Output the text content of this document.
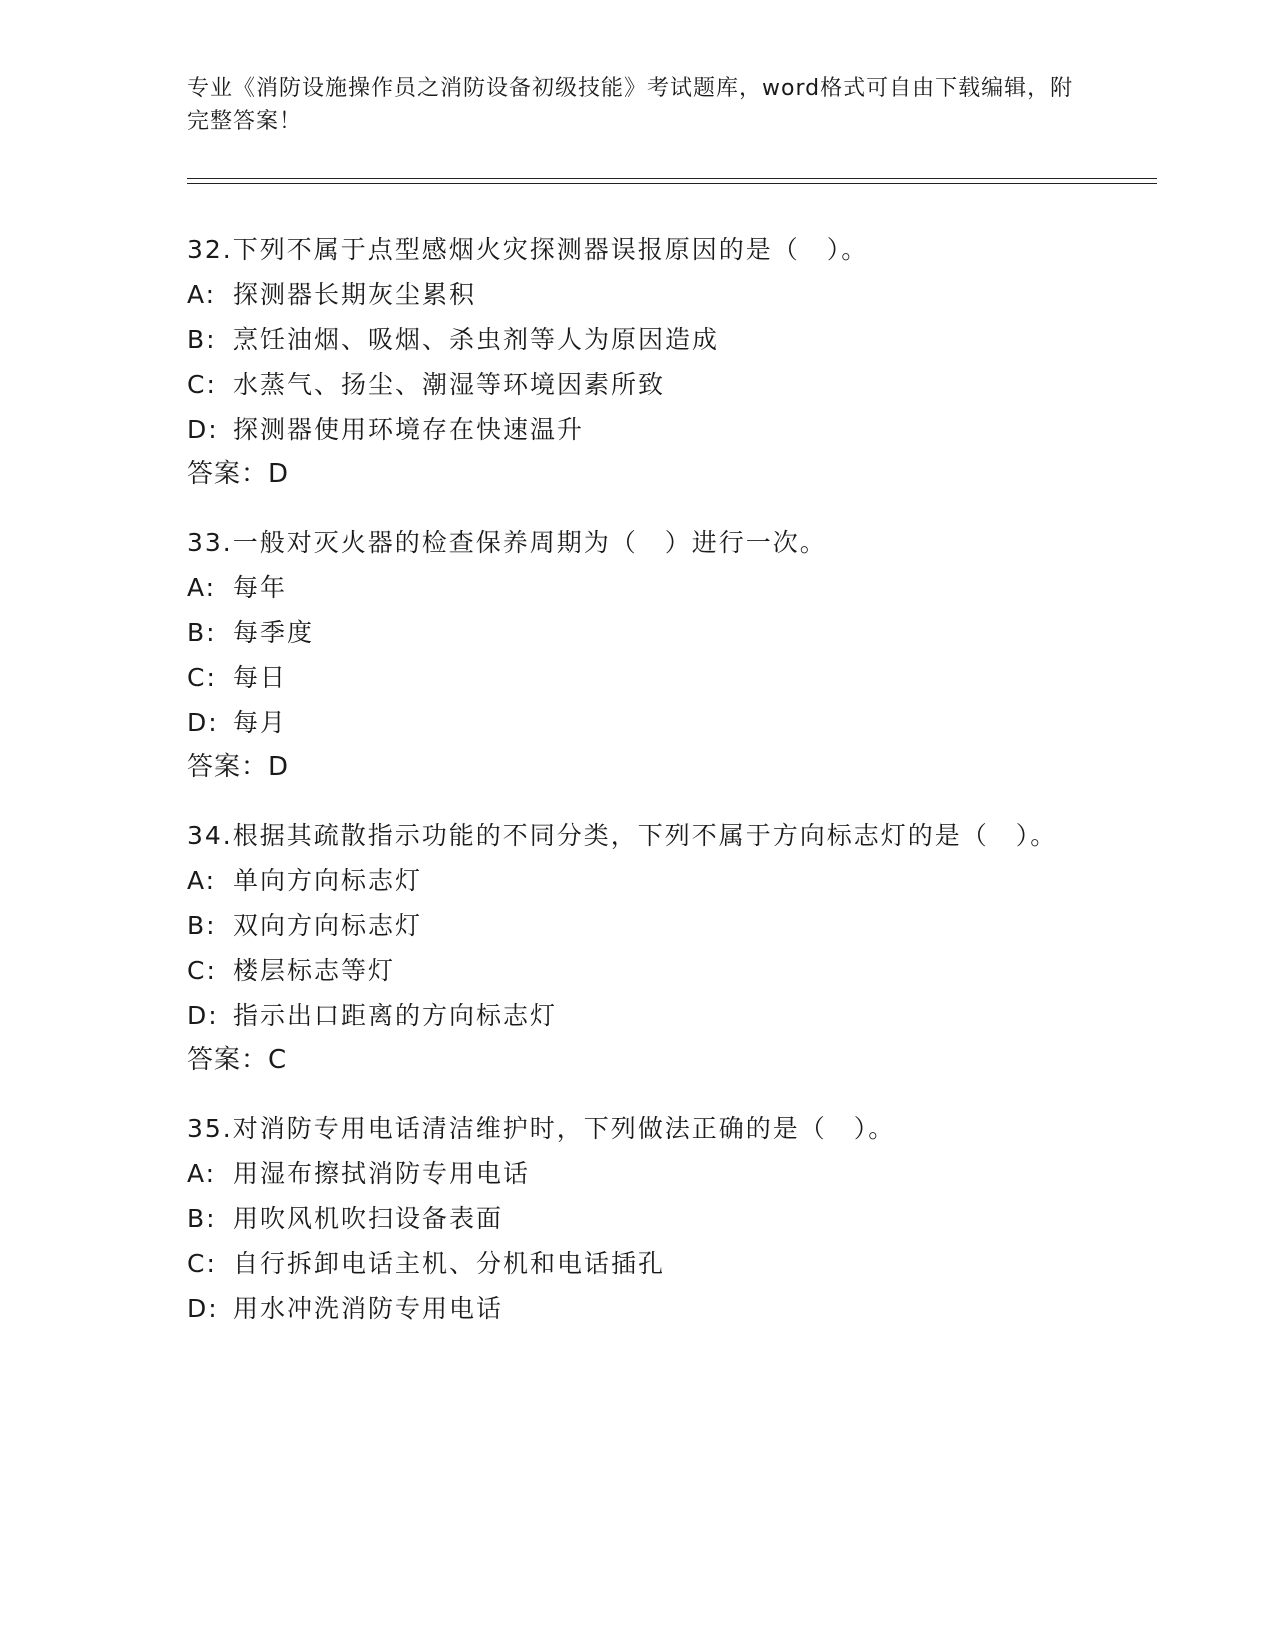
专业《消防设施操作员之消防设备初级技能》考试题库，word格式可自由下载编辑，附完整答案！
32.下列不属于点型感烟火灾探测器误报原因的是（　）。
A: 探测器长期灰尘累积
B: 烹饪油烟、吸烟、杀虫剂等人为原因造成
C: 水蒸气、扬尘、潮湿等环境因素所致
D: 探测器使用环境存在快速温升
答案：D
33.一般对灭火器的检查保养周期为（　）进行一次。
A: 每年
B: 每季度
C: 每日
D: 每月
答案：D
34.根据其疏散指示功能的不同分类，下列不属于方向标志灯的是（　）。
A: 单向方向标志灯
B: 双向方向标志灯
C: 楼层标志等灯
D: 指示出口距离的方向标志灯
答案：C
35.对消防专用电话清洁维护时，下列做法正确的是（　）。
A: 用湿布擦拭消防专用电话
B: 用吹风机吹扫设备表面
C: 自行拆卸电话主机、分机和电话插孔
D: 用水冲洗消防专用电话
